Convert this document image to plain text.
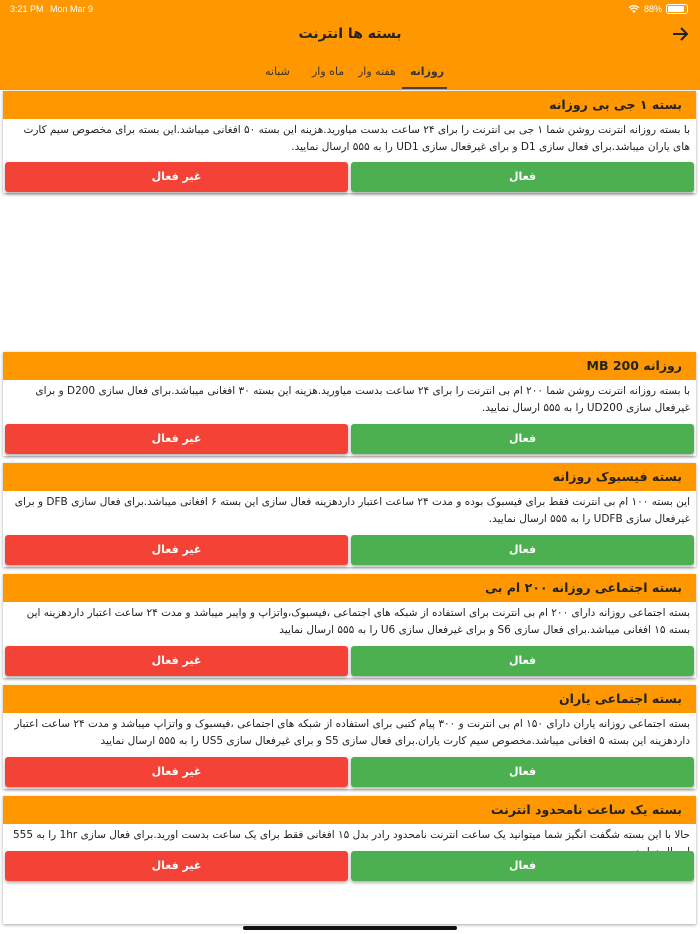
3:21 PM Mon Mar 9	88%
بسته ها انترنت
روزانه
هفته وار
ماه وار
شبانه
بسته ۱ جی بی روزانه
با بسته روزانه انترنت روشن شما ۱ جی بی انترنت را برای ۲۴ ساعت بدست میاورید.هزینه این بسته ۵۰ افغانی میباشد.این بسته برای مخصوص سیم کارت های یاران میباشد.برای فعال سازی D1 و برای غیرفعال سازی UD1 را به ۵۵۵ ارسال نمایید.
فعال
غیر فعال
روزانه MB 200
با بسته روزانه انترنت روشن شما ۲۰۰ ام بی انترنت را برای ۲۴ ساعت بدست میاورید.هزینه این بسته ۳۰ افغانی میباشد.برای فعال سازی D200 و برای غیرفعال سازی UD200 را به ۵۵۵ ارسال نمایید.
فعال
غیر فعال
بسته فیسبوک روزانه
این بسته ۱۰۰ ام بی انترنت فقط برای فیسبوک بوده و مدت ۲۴ ساعت اعتبار داردهزینه فعال سازی این بسته ۶ افغانی میباشد.برای فعال سازی DFB و برای غیرفعال سازی UDFB را به ۵۵۵ ارسال نمایید.
فعال
غیر فعال
بسته اجتماعی روزانه ۲۰۰ ام بی
بسته اجتماعی روزانه دارای ۲۰۰ ام بی انترنت برای استفاده از شبکه های اجتماعی ،فیسبوک،واتزاپ و وایبر میباشد و مدت ۲۴ ساعت اعتبار داردهزینه این بسته ۱۵ افغانی میباشد.برای فعال سازی S6 و برای غیرفعال سازی U6 را به ۵۵۵ ارسال نمایید
فعال
غیر فعال
بسته اجتماعی یاران
بسته اجتماعی روزانه یاران دارای ۱۵۰ ام بی انترنت و ۳۰۰ پیام کتبی برای استفاده از شبکه های اجتماعی ،فیسبوک و واتزاپ میباشد و مدت ۲۴ ساعت اعتبار داردهزینه این بسته ۵ افغانی میباشد.مخصوص سیم کارت یاران.برای فعال سازی S5 و برای غیرفعال سازی US5 را به ۵۵۵ ارسال نمایید
فعال
غیر فعال
بسته یک ساعت نامحدود انترنت
حالا با این بسته شگفت انگیز شما میتوانید یک ساعت انترنت نامحدود رادر بدل ۱۵ افغانی فقط برای یک ساعت بدست اورید.برای فعال سازی 1hr را به 555
فعال
غیر فعال
